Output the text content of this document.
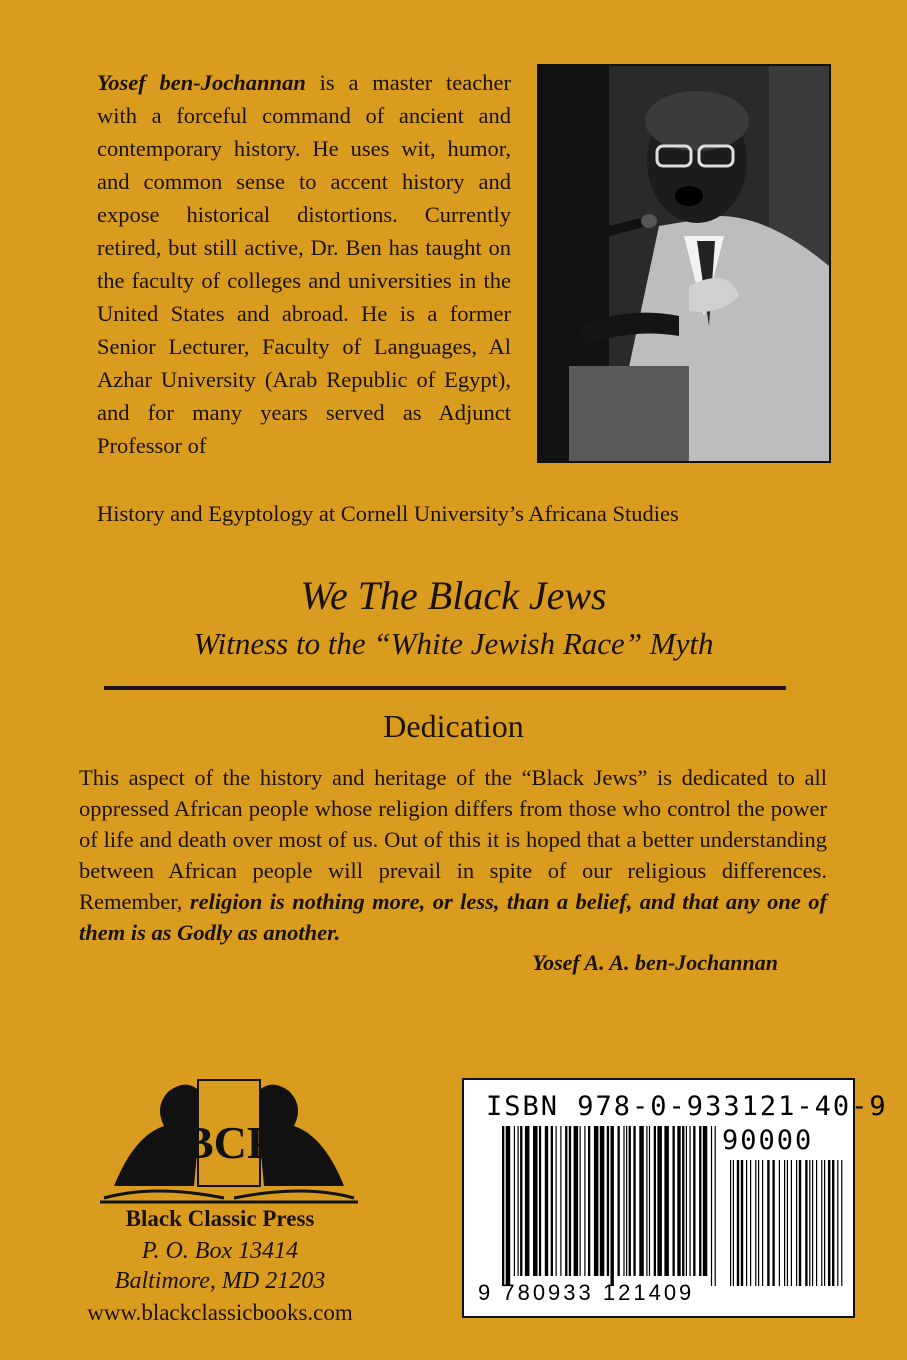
Yosef ben-Jochannan is a master teacher with a forceful command of ancient and contemporary history. He uses wit, humor, and common sense to accent history and expose historical distortions. Currently retired, but still active, Dr. Ben has taught on the faculty of colleges and universities in the United States and abroad. He is a former Senior Lecturer, Faculty of Languages, Al Azhar University (Arab Republic of Egypt), and for many years served as Adjunct Professor of

History and Egyptology at Cornell University’s Africana Studies

We The Black Jews

Witness to the “White Jewish Race” Myth

Dedication

This aspect of the history and heritage of the “Black Jews” is dedicated to all oppressed African people whose religion differs from those who control the power of life and death over most of us. Out of this it is hoped that a better understanding between African people will prevail in spite of our religious differences. Remember, religion is nothing more, or less, than a belief, and that any one of them is as Godly as another.

Yosef A. A. ben-Jochannan

BCP

Black Classic Press

P. O. Box 13414

Baltimore, MD 21203

www.blackclassicbooks.com

ISBN 978-0-933121-40-9

90000

9 780933 121409
